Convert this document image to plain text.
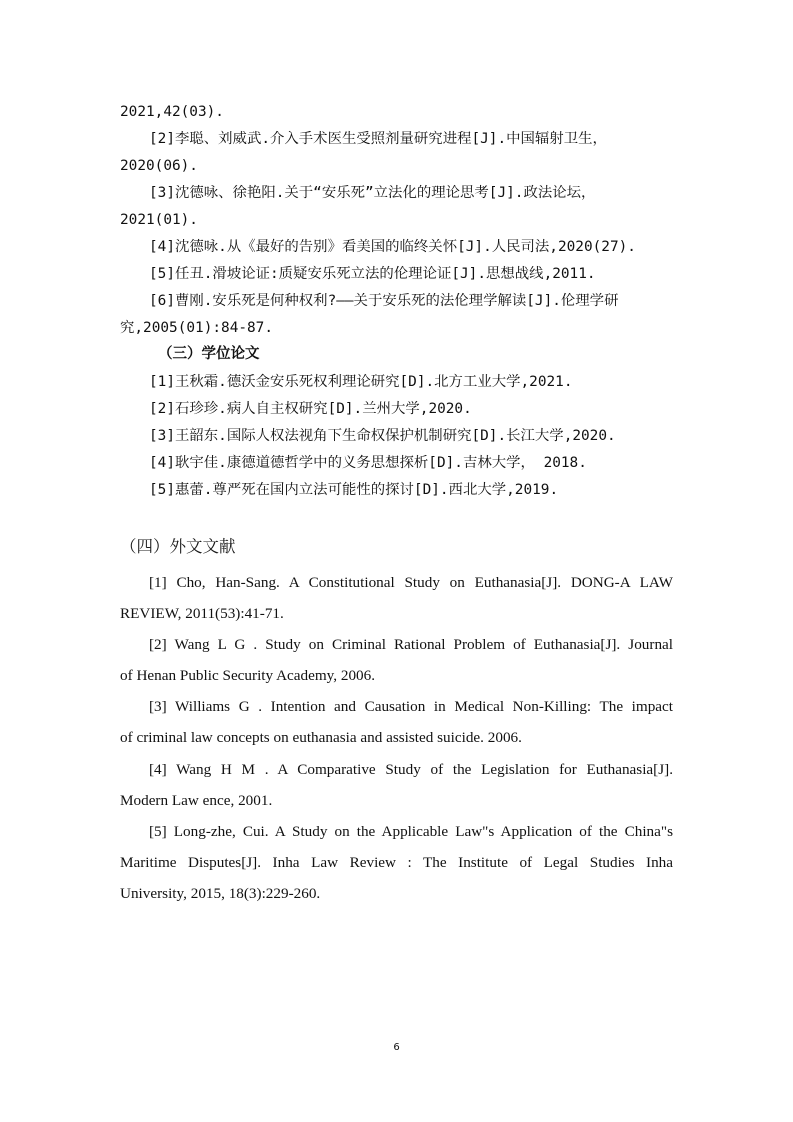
2021,42(03).
[2]李聪、刘威武.介入手术医生受照剂量研究进程[J].中国辐射卫生，
2020(06).
[3]沈德咏、徐艳阳.关于“安乐死”立法化的理论思考[J].政法论坛，
2021(01).
[4]沈德咏.从《最好的告别》看美国的临终关怀[J].人民司法,2020(27).
[5]任丑.滑坡论证:质疑安乐死立法的伦理论证[J].思想战线,2011.
[6]曹刚.安乐死是何种权利?——关于安乐死的法伦理学解读[J].伦理学研
究,2005(01):84-87.
（三）学位论文
[1]王秋霜.德沃金安乐死权利理论研究[D].北方工业大学,2021.
[2]石珍珍.病人自主权研究[D].兰州大学,2020.
[3]王韶东.国际人权法视角下生命权保护机制研究[D].长江大学,2020.
[4]耿宇佳.康德道德哲学中的义务思想探析[D].吉林大学， 2018.
[5]惠蕾.尊严死在国内立法可能性的探讨[D].西北大学,2019.
（四）外文文献
[1] Cho, Han-Sang. A Constitutional Study on Euthanasia[J]. DONG-A LAW
REVIEW, 2011(53):41-71.
[2] Wang L G . Study on Criminal Rational Problem of Euthanasia[J]. Journal
of Henan Public Security Academy, 2006.
[3] Williams G . Intention and Causation in Medical Non-Killing: The impact
of criminal law concepts on euthanasia and assisted suicide. 2006.
[4] Wang H M . A Comparative Study of the Legislation for Euthanasia[J].
Modern Law ence, 2001.
[5] Long-zhe, Cui. A Study on the Applicable Law"s Application of the China"s
Maritime Disputes[J]. Inha Law Review : The Institute of Legal Studies Inha
University, 2015, 18(3):229-260.
6
